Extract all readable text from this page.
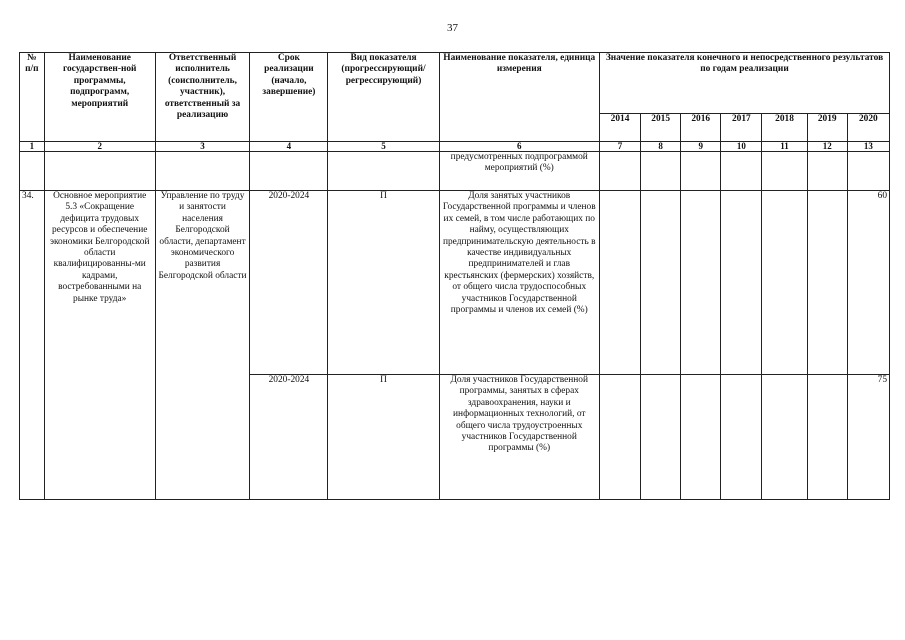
37
№ п/п	Наименование государствен-ной программы, подпрограмм, мероприятий	Ответственный исполнитель (соисполнитель, участник), ответственный за реализацию	Срок реализации (начало, завершение)	Вид показателя (прогрессирующий/ регрессирующий)	Наименование показателя, единица измерения	Значение показателя конечного и непосредственного результатов по годам реализации						
						2014	2015	2016	2017	2018	2019	2020
1	2	3	4	5	6	7	8	9	10	11	12	13
					предусмотренных подпрограммой мероприятий (%)							
34.	Основное мероприятие 5.3 «Сокращение дефицита трудовых ресурсов и обеспечение экономики Белгородской области квалифицированны-ми кадрами, востребованными на рынке труда»	Управление по труду и занятости населения Белгородской области, департамент экономического развития Белгородской области	2020-2024	П	Доля занятых участников Государственной программы и членов их семей, в том числе работающих по найму, осуществляющих предпринимательскую деятельность в качестве индивидуальных предпринимателей и глав крестьянских (фермерских) хозяйств, от общего числа трудоспособных участников Государственной программы и членов их семей (%)							60
			2020-2024	П	Доля участников Государственной программы, занятых в сферах здравоохранения, науки и информационных технологий, от общего числа трудоустроенных участников Государственной программы (%)							75
